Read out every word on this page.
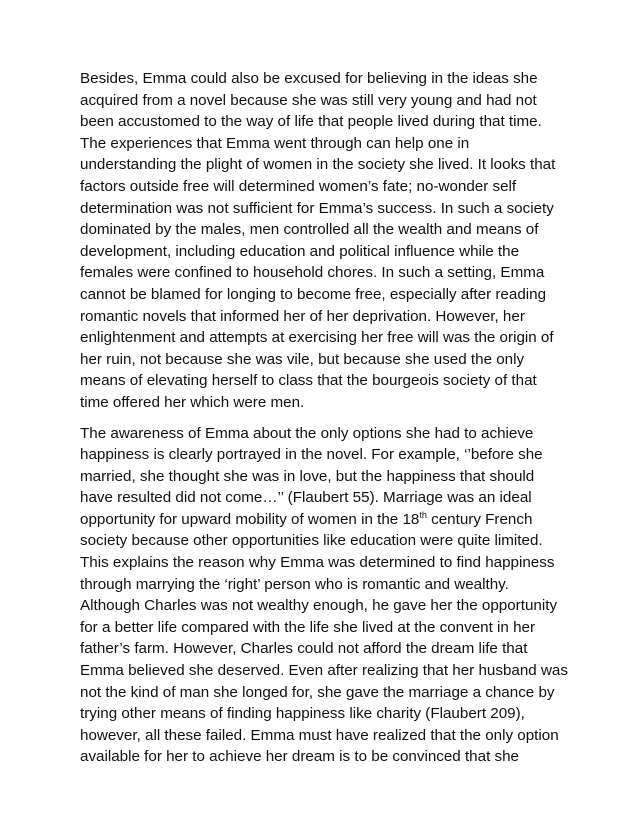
Besides, Emma could also be excused for believing in the ideas she
acquired from a novel because she was still very young and had not
been accustomed to the way of life that people lived during that time.
The experiences that Emma went through can help one in
understanding the plight of women in the society she lived. It looks that
factors outside free will determined women’s fate; no-wonder self
determination was not sufficient for Emma’s success. In such a society
dominated by the males, men controlled all the wealth and means of
development, including education and political influence while the
females were confined to household chores. In such a setting, Emma
cannot be blamed for longing to become free, especially after reading
romantic novels that informed her of her deprivation. However, her
enlightenment and attempts at exercising her free will was the origin of
her ruin, not because she was vile, but because she used the only
means of elevating herself to class that the bourgeois society of that
time offered her which were men.

The awareness of Emma about the only options she had to achieve
happiness is clearly portrayed in the novel. For example, ‘’before she
married, she thought she was in love, but the happiness that should
have resulted did not come…’’ (Flaubert 55). Marriage was an ideal
opportunity for upward mobility of women in the 18th century French
society because other opportunities like education were quite limited.
This explains the reason why Emma was determined to find happiness
through marrying the ‘right’ person who is romantic and wealthy.
Although Charles was not wealthy enough, he gave her the opportunity
for a better life compared with the life she lived at the convent in her
father’s farm. However, Charles could not afford the dream life that
Emma believed she deserved. Even after realizing that her husband was
not the kind of man she longed for, she gave the marriage a chance by
trying other means of finding happiness like charity (Flaubert 209),
however, all these failed. Emma must have realized that the only option
available for her to achieve her dream is to be convinced that she
